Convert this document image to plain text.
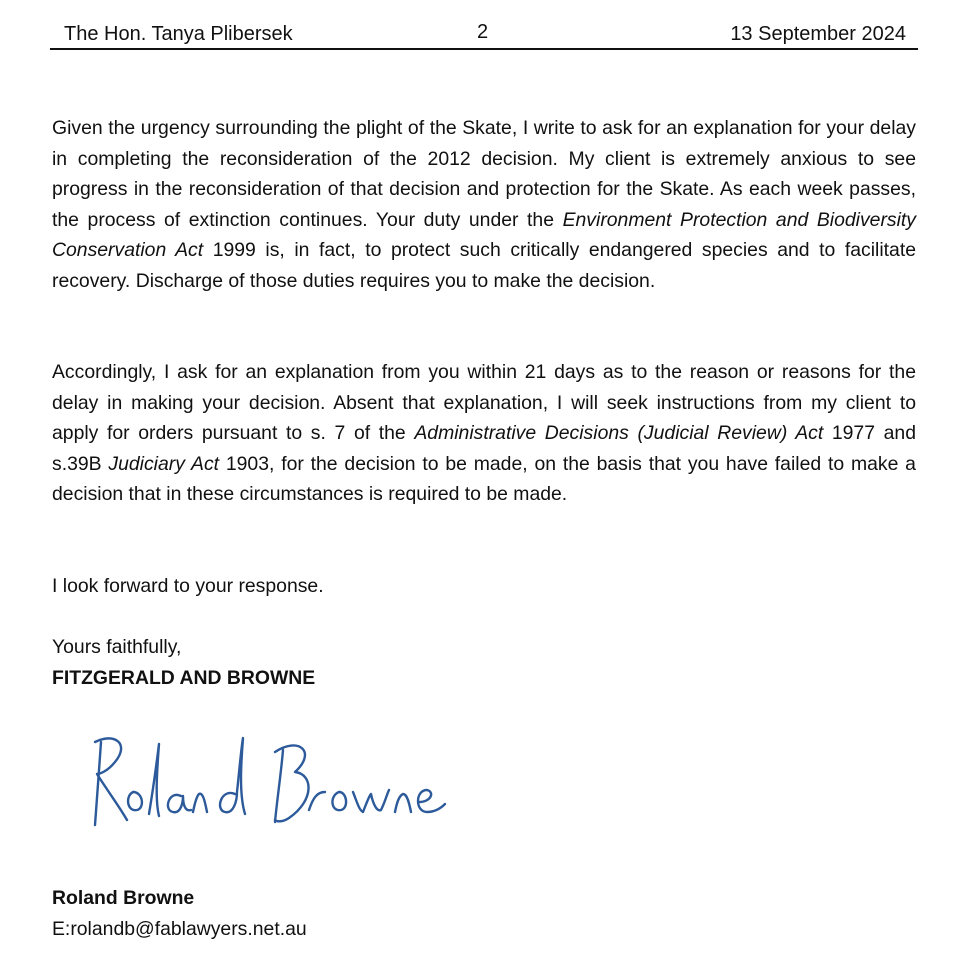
The Hon. Tanya Plibersek	2	13 September 2024

Given the urgency surrounding the plight of the Skate, I write to ask for an explanation for your delay in completing the reconsideration of the 2012 decision. My client is extremely anxious to see progress in the reconsideration of that decision and protection for the Skate. As each week passes, the process of extinction continues. Your duty under the Environment Protection and Biodiversity Conservation Act 1999 is, in fact, to protect such critically endangered species and to facilitate recovery. Discharge of those duties requires you to make the decision.

Accordingly, I ask for an explanation from you within 21 days as to the reason or reasons for the delay in making your decision. Absent that explanation, I will seek instructions from my client to apply for orders pursuant to s. 7 of the Administrative Decisions (Judicial Review) Act 1977 and s.39B Judiciary Act 1903, for the decision to be made, on the basis that you have failed to make a decision that in these circumstances is required to be made.

I look forward to your response.

Yours faithfully,
FITZGERALD AND BROWNE
Roland Browne
E:rolandb@fablawyers.net.au
